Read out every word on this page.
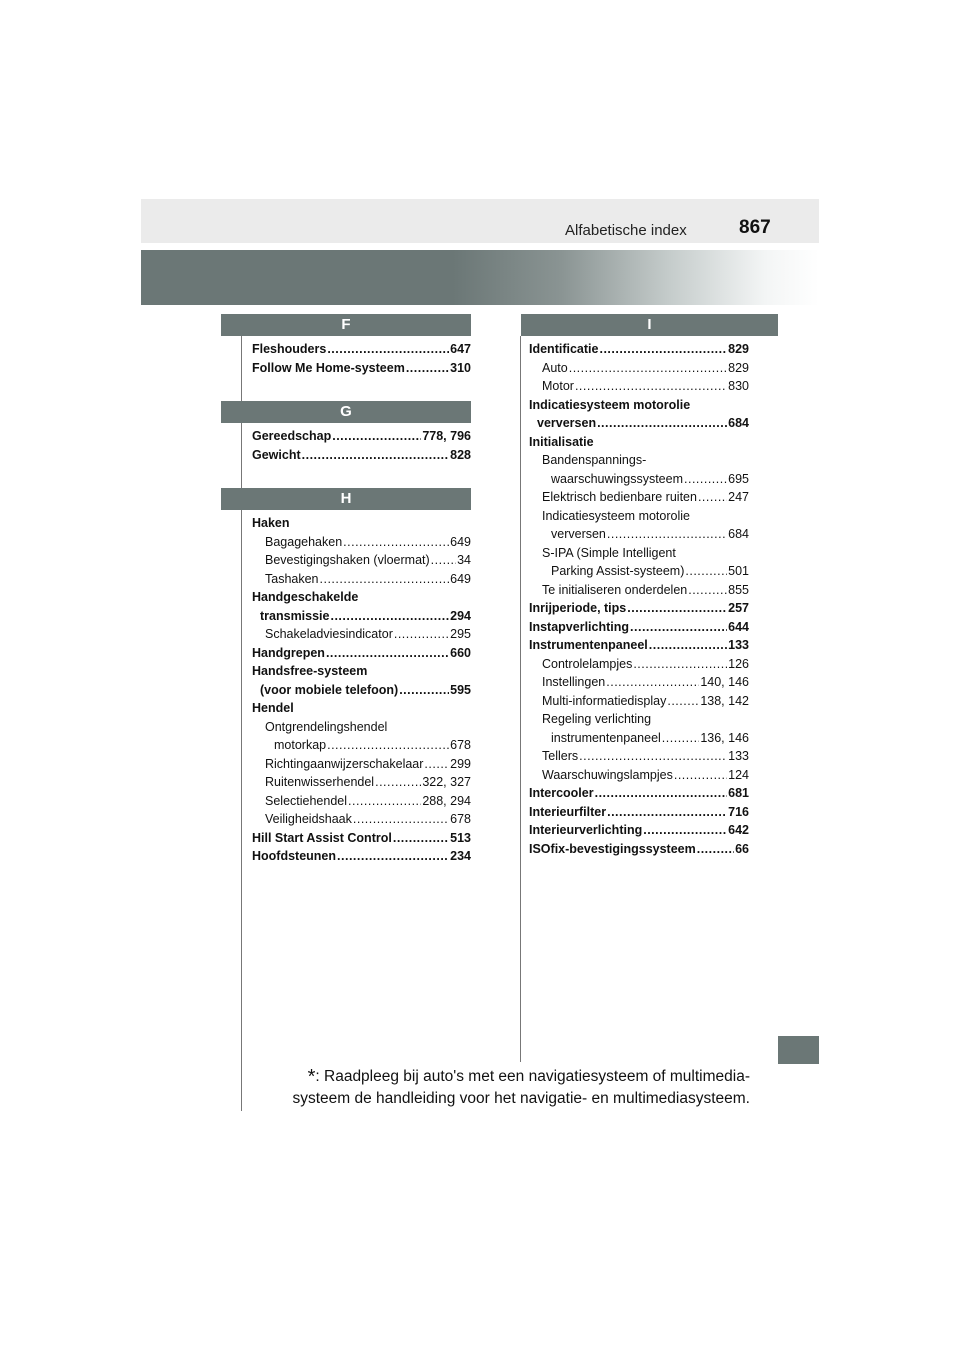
Alfabetische index	867
F
Fleshouders .....	647
Follow Me Home-systeem .....	310
G
Gereedschap .....	778, 796
Gewicht .....	828
H
Haken
Bagagehaken .....	649
Bevestigingshaken (vloermat) ..... 34
Tashaken .....	649
Handgeschakelde
transmissie .....	294
Schakeladviesindicator .....	295
Handgrepen .....	660
Handsfree-systeem
(voor mobiele telefoon) .....	595
Hendel
Ontgrendelingshendel
motorkap .....	678
Richtingaanwijzerschakelaar ..... 299
Ruitenwisserhendel .....	322, 327
Selectiehendel .....	288, 294
Veiligheidshaak .....	678
Hill Start Assist Control .....	513
Hoofdsteunen .....	234
I
Identificatie .....	829
Auto .....	829
Motor .....	830
Indicatiesysteem motorolie
verversen .....	684
Initialisatie
Bandenspannings-
waarschuwingssysteem .....	695
Elektrisch bedienbare ruiten ..... 247
Indicatiesysteem motorolie
verversen .....	684
S-IPA (Simple Intelligent
Parking Assist-systeem) .....	501
Te initialiseren onderdelen .....	855
Inrijperiode, tips .....	257
Instapverlichting .....	644
Instrumentenpaneel .....	133
Controlelampjes .....	126
Instellingen .....	140, 146
Multi-informatiedisplay .....	138, 142
Regeling verlichting
instrumentenpaneel .....	136, 146
Tellers .....	133
Waarschuwingslampjes .....	124
Intercooler .....	681
Interieurfilter .....	716
Interieurverlichting .....	642
ISOfix-bevestigingssysteem .....	66
*: Raadpleeg bij auto's met een navigatiesysteem of multimedia-
systeem de handleiding voor het navigatie- en multimediasysteem.
